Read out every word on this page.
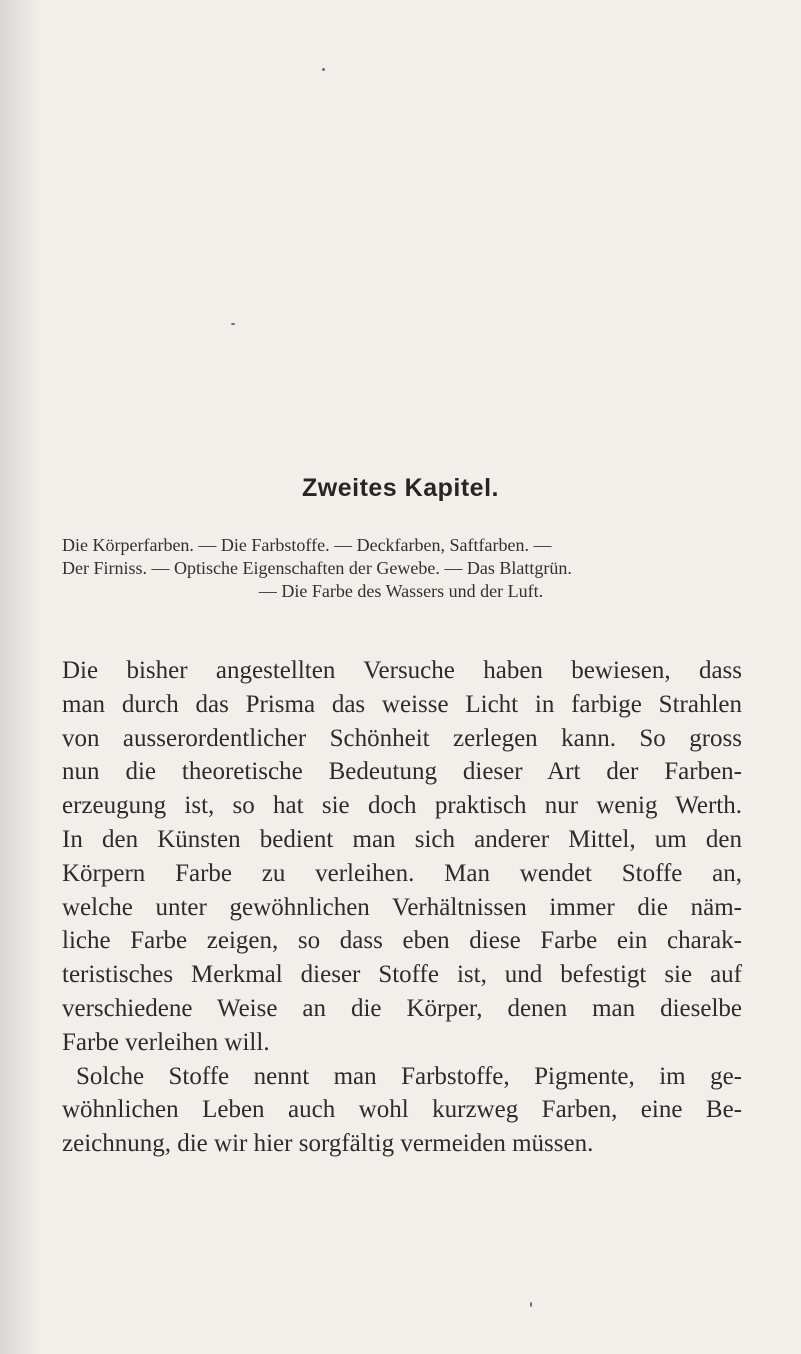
Zweites Kapitel.

Die Körperfarben. — Die Farbstoffe. — Deckfarben, Saftfarben. —
Der Firniss. — Optische Eigenschaften der Gewebe. — Das Blattgrün.
— Die Farbe des Wassers und der Luft.

Die bisher angestellten Versuche haben bewiesen, dass
man durch das Prisma das weisse Licht in farbige Strahlen
von ausserordentlicher Schönheit zerlegen kann. So gross
nun die theoretische Bedeutung dieser Art der Farben-
erzeugung ist, so hat sie doch praktisch nur wenig Werth.
In den Künsten bedient man sich anderer Mittel, um den
Körpern Farbe zu verleihen. Man wendet Stoffe an,
welche unter gewöhnlichen Verhältnissen immer die näm-
liche Farbe zeigen, so dass eben diese Farbe ein charak-
teristisches Merkmal dieser Stoffe ist, und befestigt sie auf
verschiedene Weise an die Körper, denen man dieselbe
Farbe verleihen will.
Solche Stoffe nennt man Farbstoffe, Pigmente, im ge-
wöhnlichen Leben auch wohl kurzweg Farben, eine Be-
zeichnung, die wir hier sorgfältig vermeiden müssen.
